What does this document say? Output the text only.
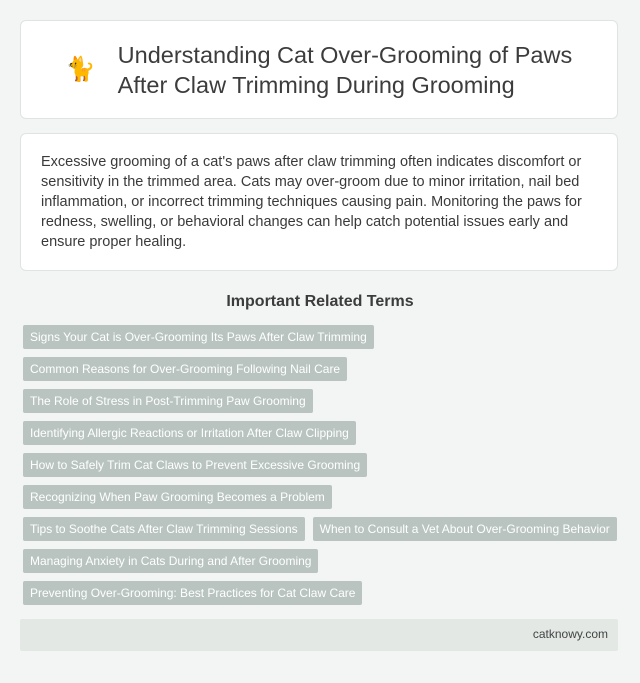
🐈
Understanding Cat Over-Grooming of Paws
After Claw Trimming During Grooming

Excessive grooming of a cat's paws after claw trimming often indicates discomfort or sensitivity in the trimmed area. Cats may over-groom due to minor irritation, nail bed inflammation, or incorrect trimming techniques causing pain. Monitoring the paws for redness, swelling, or behavioral changes can help catch potential issues early and ensure proper healing.

Important Related Terms
Signs Your Cat is Over-Grooming Its Paws After Claw Trimming
Common Reasons for Over-Grooming Following Nail Care
The Role of Stress in Post-Trimming Paw Grooming
Identifying Allergic Reactions or Irritation After Claw Clipping
How to Safely Trim Cat Claws to Prevent Excessive Grooming
Recognizing When Paw Grooming Becomes a Problem
Tips to Soothe Cats After Claw Trimming Sessions	When to Consult a Vet About Over-Grooming Behavior
Managing Anxiety in Cats During and After Grooming
Preventing Over-Grooming: Best Practices for Cat Claw Care
catknowy.com
